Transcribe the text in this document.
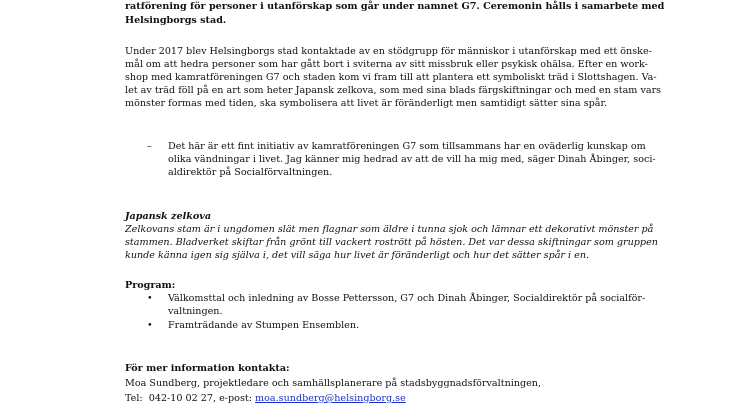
ratförening för personer i utanförskap som går under namnet G7. Ceremonin hålls i samarbete med
Helsingborgs stad.
Under 2017 blev Helsingborgs stad kontaktade av en stödgrupp för människor i utanförskap med ett önske-
mål om att hedra personer som har gått bort i sviterna av sitt missbruk eller psykisk ohälsa. Efter en work-
shop med kamratföreningen G7 och staden kom vi fram till att plantera ett symboliskt träd i Slottshagen. Va-
let av träd föll på en art som heter Japansk zelkova, som med sina blads färgskiftningar och med en stam vars
mönster formas med tiden, ska symbolisera att livet är föränderligt men samtidigt sätter sina spår.
– Det här är ett fint initiativ av kamratföreningen G7 som tillsammans har en oväderlig kunskap om
olika vändningar i livet. Jag känner mig hedrad av att de vill ha mig med, säger Dinah Åbinger, soci-
aldirektör på Socialförvaltningen.
Japansk zelkova
Zelkovans stam är i ungdomen slät men flagnar som äldre i tunna sjok och lämnar ett dekorativt mönster på
stammen. Bladverket skiftar från grönt till vackert rostrött på hösten. Det var dessa skiftningar som gruppen
kunde känna igen sig själva i, det vill säga hur livet är föränderligt och hur det sätter spår i en.
Program:
• Välkomsttal och inledning av Bosse Pettersson, G7 och Dinah Åbinger, Socialdirektör på socialför-
valtningen.
• Framträdande av Stumpen Ensemblen.
För mer information kontakta:
Moa Sundberg, projektledare och samhällsplanerare på stadsbyggnadsförvaltningen,
Tel:  042-10 02 27, e-post: moa.sundberg@helsingborg.se
